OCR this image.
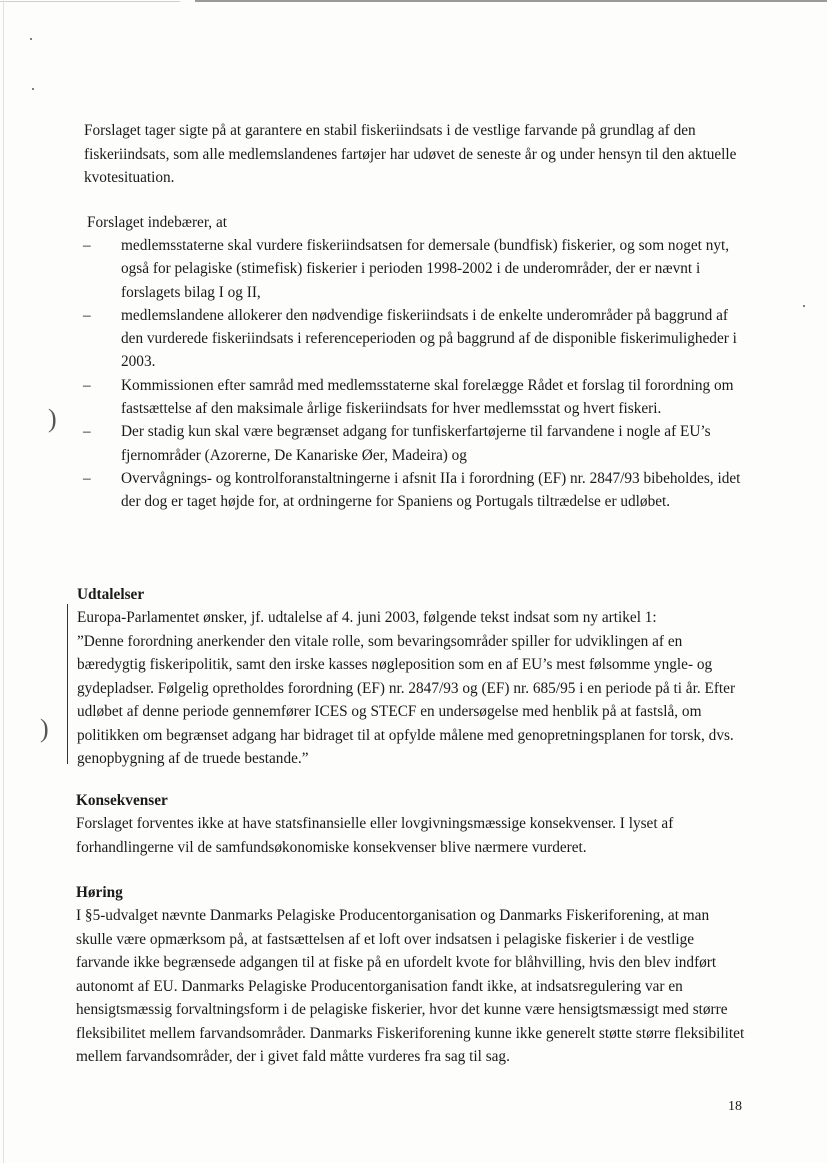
)
)

Forslaget tager sigte på at garantere en stabil fiskeriindsats i de vestlige farvande på grundlag af den fiskeriindsats, som alle medlemslandenes fartøjer har udøvet de seneste år og under hensyn til den aktuelle kvotesituation.

Forslaget indebærer, at

– medlemsstaterne skal vurdere fiskeriindsatsen for demersale (bundfisk) fiskerier, og som noget nyt, også for pelagiske (stimefisk) fiskerier i perioden 1998-2002 i de underområder, der er nævnt i forslagets bilag I og II,
– medlemslandene allokerer den nødvendige fiskeriindsats i de enkelte underområder på baggrund af den vurderede fiskeriindsats i referenceperioden og på baggrund af de disponible fiskerimuligheder i 2003.
– Kommissionen efter samråd med medlemsstaterne skal forelægge Rådet et forslag til forordning om fastsættelse af den maksimale årlige fiskeriindsats for hver medlemsstat og hvert fiskeri.
– Der stadig kun skal være begrænset adgang for tunfiskerfartøjerne til farvandene i nogle af EU’s fjernområder (Azorerne, De Kanariske Øer, Madeira) og
– Overvågnings- og kontrolforanstaltningerne i afsnit IIa i forordning (EF) nr. 2847/93 bibeholdes, idet der dog er taget højde for, at ordningerne for Spaniens og Portugals tiltrædelse er udløbet.
Udtalelser

Europa-Parlamentet ønsker, jf. udtalelse af 4. juni 2003, følgende tekst indsat som ny artikel 1:

”Denne forordning anerkender den vitale rolle, som bevaringsområder spiller for udviklingen af en bæredygtig fiskeripolitik, samt den irske kasses nøgleposition som en af EU’s mest følsomme yngle- og gydepladser. Følgelig opretholdes forordning (EF) nr. 2847/93 og (EF) nr. 685/95 i en periode på ti år. Efter udløbet af denne periode gennemfører ICES og STECF en undersøgelse med henblik på at fastslå, om politikken om begrænset adgang har bidraget til at opfylde målene med genopretningsplanen for torsk, dvs. genopbygning af de truede bestande.”

Konsekvenser

Forslaget forventes ikke at have statsfinansielle eller lovgivningsmæssige konsekvenser. I lyset af forhandlingerne vil de samfundsøkonomiske konsekvenser blive nærmere vurderet.

Høring

I §5-udvalget nævnte Danmarks Pelagiske Producentorganisation og Danmarks Fiskeriforening, at man skulle være opmærksom på, at fastsættelsen af et loft over indsatsen i pelagiske fiskerier i de vestlige farvande ikke begrænsede adgangen til at fiske på en ufordelt kvote for blåhvilling, hvis den blev indført autonomt af EU. Danmarks Pelagiske Producentorganisation fandt ikke, at indsatsregulering var en hensigtsmæssig forvaltningsform i de pelagiske fiskerier, hvor det kunne være hensigtsmæssigt med større fleksibilitet mellem farvandsområder. Danmarks Fiskeriforening kunne ikke generelt støtte større fleksibilitet mellem farvandsområder, der i givet fald måtte vurderes fra sag til sag.

18
